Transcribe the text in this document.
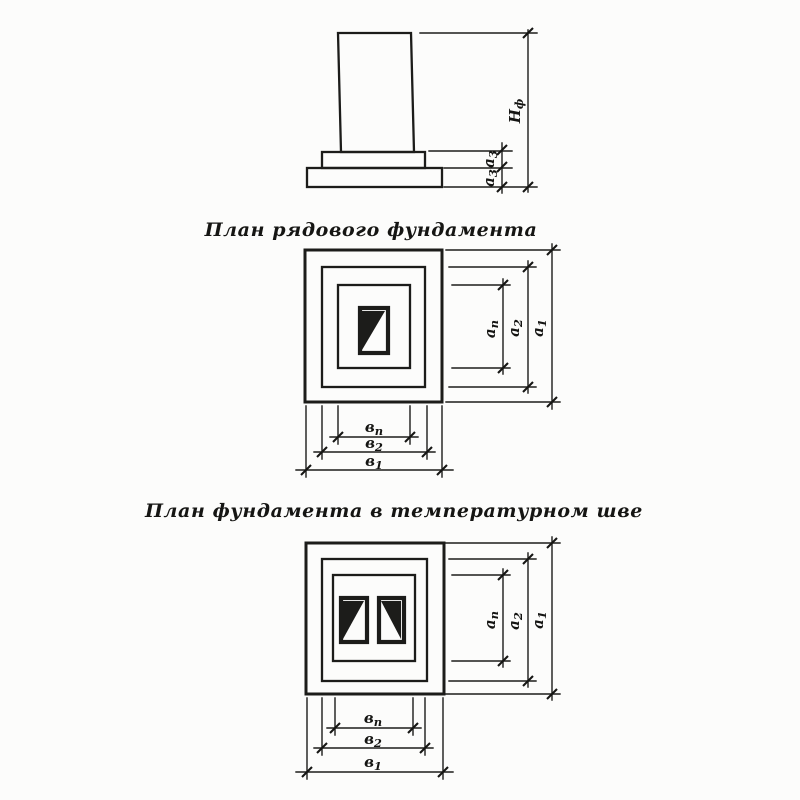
$Н_ф$
$а_3$
$а_3$
План рядового фундамента
$а_п$
$а_2$
$а_1$
$в_п$
$в_2$
$в_1$
План фундамента в температурном шве
$а_п$
$а_2$
$а_1$
$в_п$
$в_2$
$в_1$
